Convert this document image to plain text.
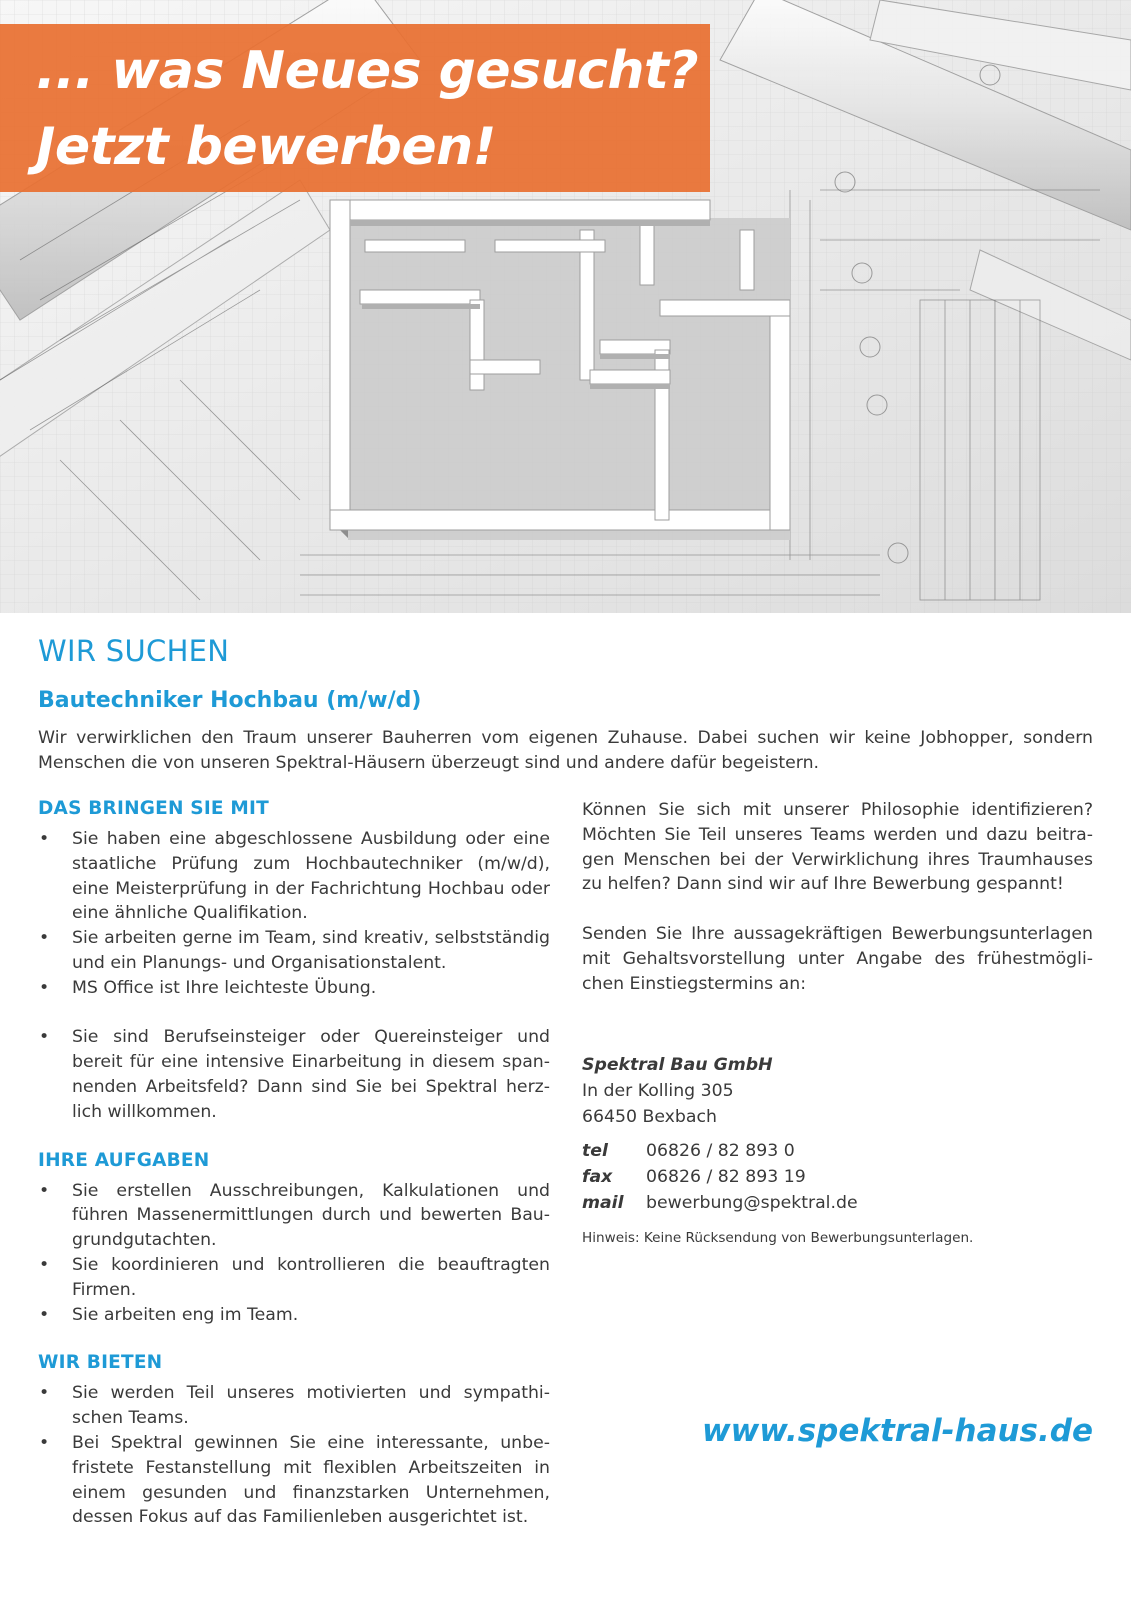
... was Neues gesucht?
Jetzt bewerben!
WIR SUCHEN
Bautechniker Hochbau (m/w/d)

Wir verwirklichen den Traum unserer Bauherren vom eigenen Zuhause. Dabei suchen wir keine Jobhopper, sondern Menschen die von unseren Spektral-Häusern überzeugt sind und andere dafür begeistern.

DAS BRINGEN SIE MIT
• Sie haben eine abgeschlossene Ausbildung oder eine staatliche Prüfung zum Hochbautechniker (m/w/d), eine Meisterprüfung in der Fachrichtung Hochbau oder eine ähnliche Qualifikation.
• Sie arbeiten gerne im Team, sind kreativ, selbstständig und ein Planungs- und Organisationstalent.
• MS Office ist Ihre leichteste Übung.
• Sie sind Berufseinsteiger oder Quereinsteiger und bereit für eine intensive Einarbeitung in diesem spannenden Arbeitsfeld? Dann sind Sie bei Spektral herzlich willkommen.
IHRE AUFGABEN
• Sie erstellen Ausschreibungen, Kalkulationen und führen Massenermittlungen durch und bewerten Baugrundgutachten.
• Sie koordinieren und kontrollieren die beauftragten Firmen.
• Sie arbeiten eng im Team.
WIR BIETEN
• Sie werden Teil unseres motivierten und sympathischen Teams.
• Bei Spektral gewinnen Sie eine interessante, unbefristete Festanstellung mit flexiblen Arbeitszeiten in einem gesunden und finanzstarken Unternehmen, dessen Fokus auf das Familienleben ausgerichtet ist.

Können Sie sich mit unserer Philosophie identifizieren? Möchten Sie Teil unseres Teams werden und dazu beitragen Menschen bei der Verwirklichung ihres Traumhauses zu helfen? Dann sind wir auf Ihre Bewerbung gespannt!

Senden Sie Ihre aussagekräftigen Bewerbungsunterlagen mit Gehaltsvorstellung unter Angabe des frühestmöglichen Einstiegstermins an:

Spektral Bau GmbH

In der Kolling 305

66450 Bexbach

tel	06826 / 82 893 0
fax	06826 / 82 893 19
mail	bewerbung@spektral.de

Hinweis: Keine Rücksendung von Bewerbungsunterlagen.

www.spektral-haus.de
